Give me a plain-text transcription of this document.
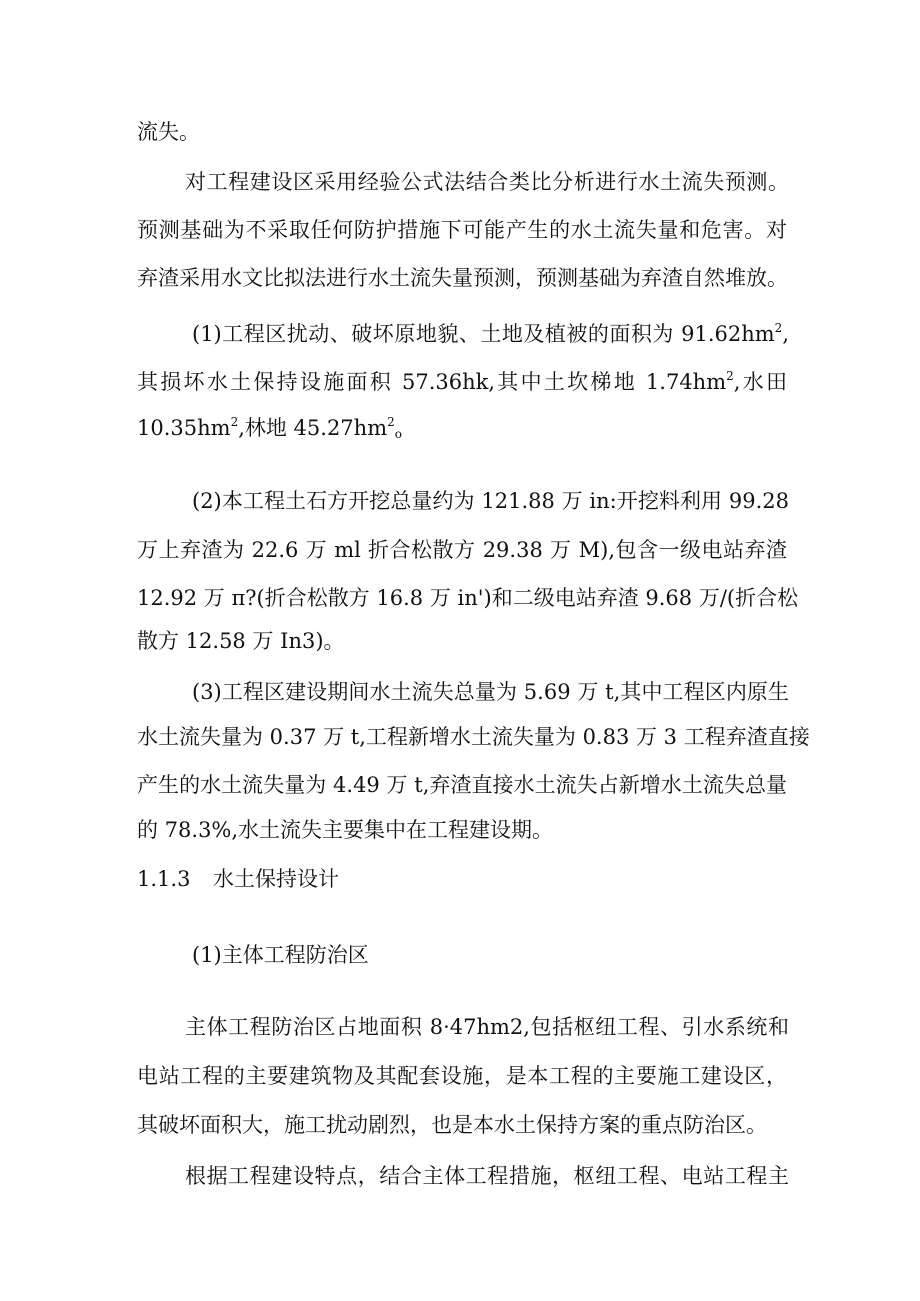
流失。
对工程建设区采用经验公式法结合类比分析进行水土流失预测。
预测基础为不采取任何防护措施下可能产生的水土流失量和危害。对
弃渣采用水文比拟法进行水土流失量预测，预测基础为弃渣自然堆放。
(1)工程区扰动、破坏原地貌、土地及植被的面积为 $91.62hm^2$,
其损坏水土保持设施面积 57.36hk,其中土坎梯地 $1.74hm^2$,水田
$10.35hm^2$,林地 $45.27hm^2_o$
(2)本工程土石方开挖总量约为 121.88 万 in:开挖料利用 99.28
万上弃渣为 22.6 万 ml 折合松散方 29.38 万 M),包含一级电站弃渣
12.92 万 π?(折合松散方 16.8 万 in')和二级电站弃渣 9.68 万/(折合松
散方 12.58 万 In3)。
(3)工程区建设期间水土流失总量为 5.69 万 t,其中工程区内原生
水土流失量为 0.37 万 t,工程新增水土流失量为 0.83 万 3 工程弃渣直接
产生的水土流失量为 4.49 万 t,弃渣直接水土流失占新增水土流失总量
的 78.3%,水土流失主要集中在工程建设期。
1.1.3 水土保持设计
(1)主体工程防治区
主体工程防治区占地面积 8·47hm2,包括枢纽工程、引水系统和
电站工程的主要建筑物及其配套设施，是本工程的主要施工建设区，
其破坏面积大，施工扰动剧烈，也是本水土保持方案的重点防治区。
根据工程建设特点，结合主体工程措施，枢纽工程、电站工程主
